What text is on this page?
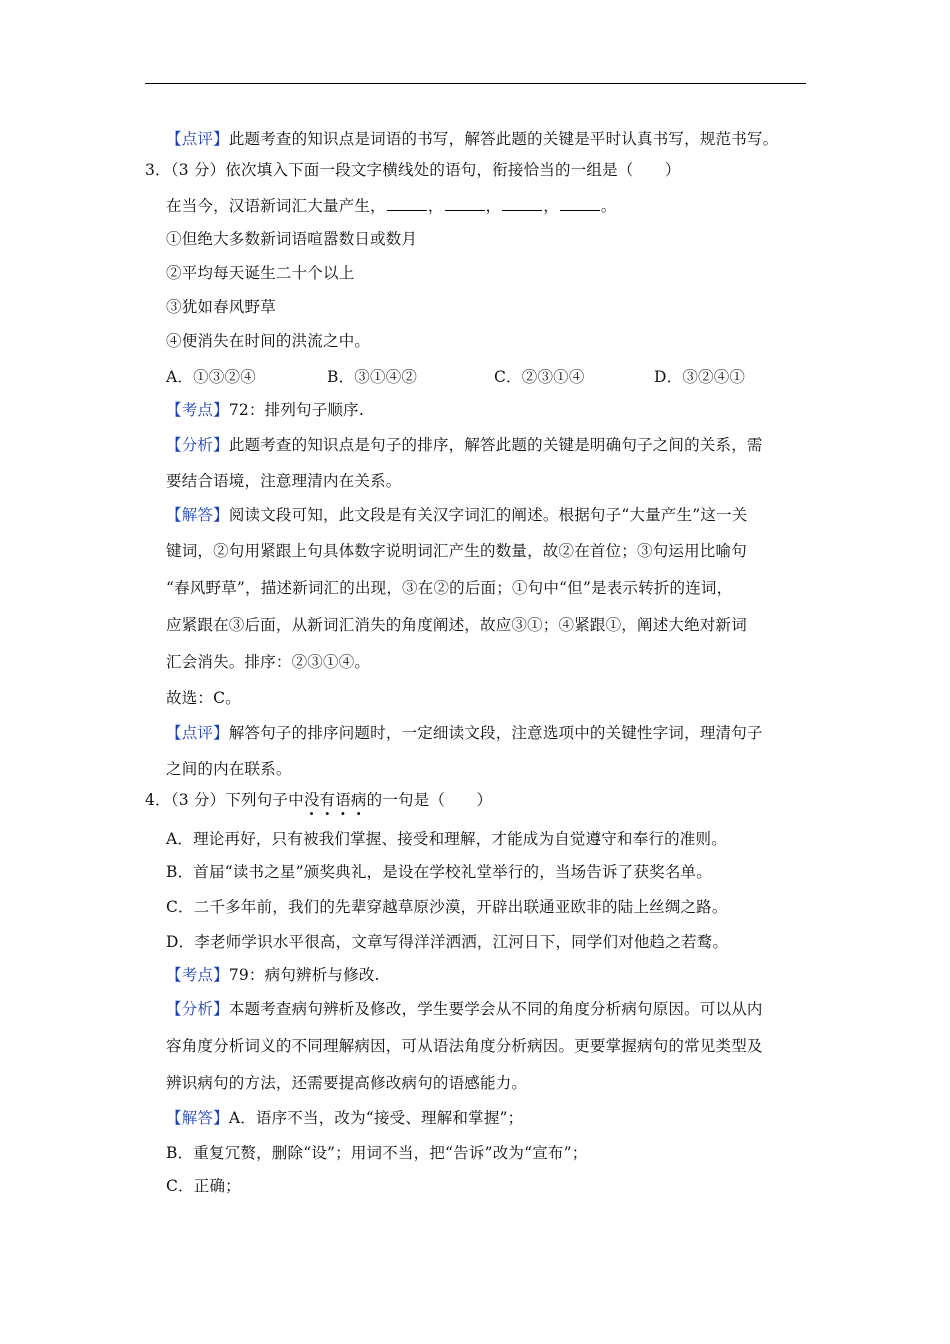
【点评】此题考查的知识点是词语的书写，解答此题的关键是平时认真书写，规范书写。
3．（3 分）依次填入下面一段文字横线处的语句，衔接恰当的一组是（　　）
在当今，汉语新词汇大量产生，	，	，	，	。
①但绝大多数新词语喧嚣数日或数月
②平均每天诞生二十个以上
③犹如春风野草
④便消失在时间的洪流之中。
A．①③②④	B．③①④②	C．②③①④	D．③②④①
【考点】72：排列句子顺序.
【分析】此题考查的知识点是句子的排序，解答此题的关键是明确句子之间的关系，需
要结合语境，注意理清内在关系。
【解答】阅读文段可知，此文段是有关汉字词汇的阐述。根据句子“大量产生”这一关
键词，②句用紧跟上句具体数字说明词汇产生的数量，故②在首位；③句运用比喻句
“春风野草”，描述新词汇的出现，③在②的后面；①句中“但”是表示转折的连词，
应紧跟在③后面，从新词汇消失的角度阐述，故应③①；④紧跟①，阐述大绝对新词
汇会消失。排序：②③①④。
故选：C。
【点评】解答句子的排序问题时，一定细读文段，注意选项中的关键性字词，理清句子
之间的内在联系。
4．（3 分）下列句子中没有语病的一句是（　　）
A．理论再好，只有被我们掌握、接受和理解，才能成为自觉遵守和奉行的准则。
B．首届“读书之星”颁奖典礼，是设在学校礼堂举行的，当场告诉了获奖名单。
C．二千多年前，我们的先辈穿越草原沙漠，开辟出联通亚欧非的陆上丝绸之路。
D．李老师学识水平很高，文章写得洋洋洒洒，江河日下，同学们对他趋之若鹜。
【考点】79：病句辨析与修改.
【分析】本题考查病句辨析及修改，学生要学会从不同的角度分析病句原因。可以从内
容角度分析词义的不同理解病因，可从语法角度分析病因。更要掌握病句的常见类型及
辨识病句的方法，还需要提高修改病句的语感能力。
【解答】A．语序不当，改为“接受、理解和掌握”；
B．重复冗赘，删除“设”；用词不当，把“告诉”改为“宣布”；
C．正确；
